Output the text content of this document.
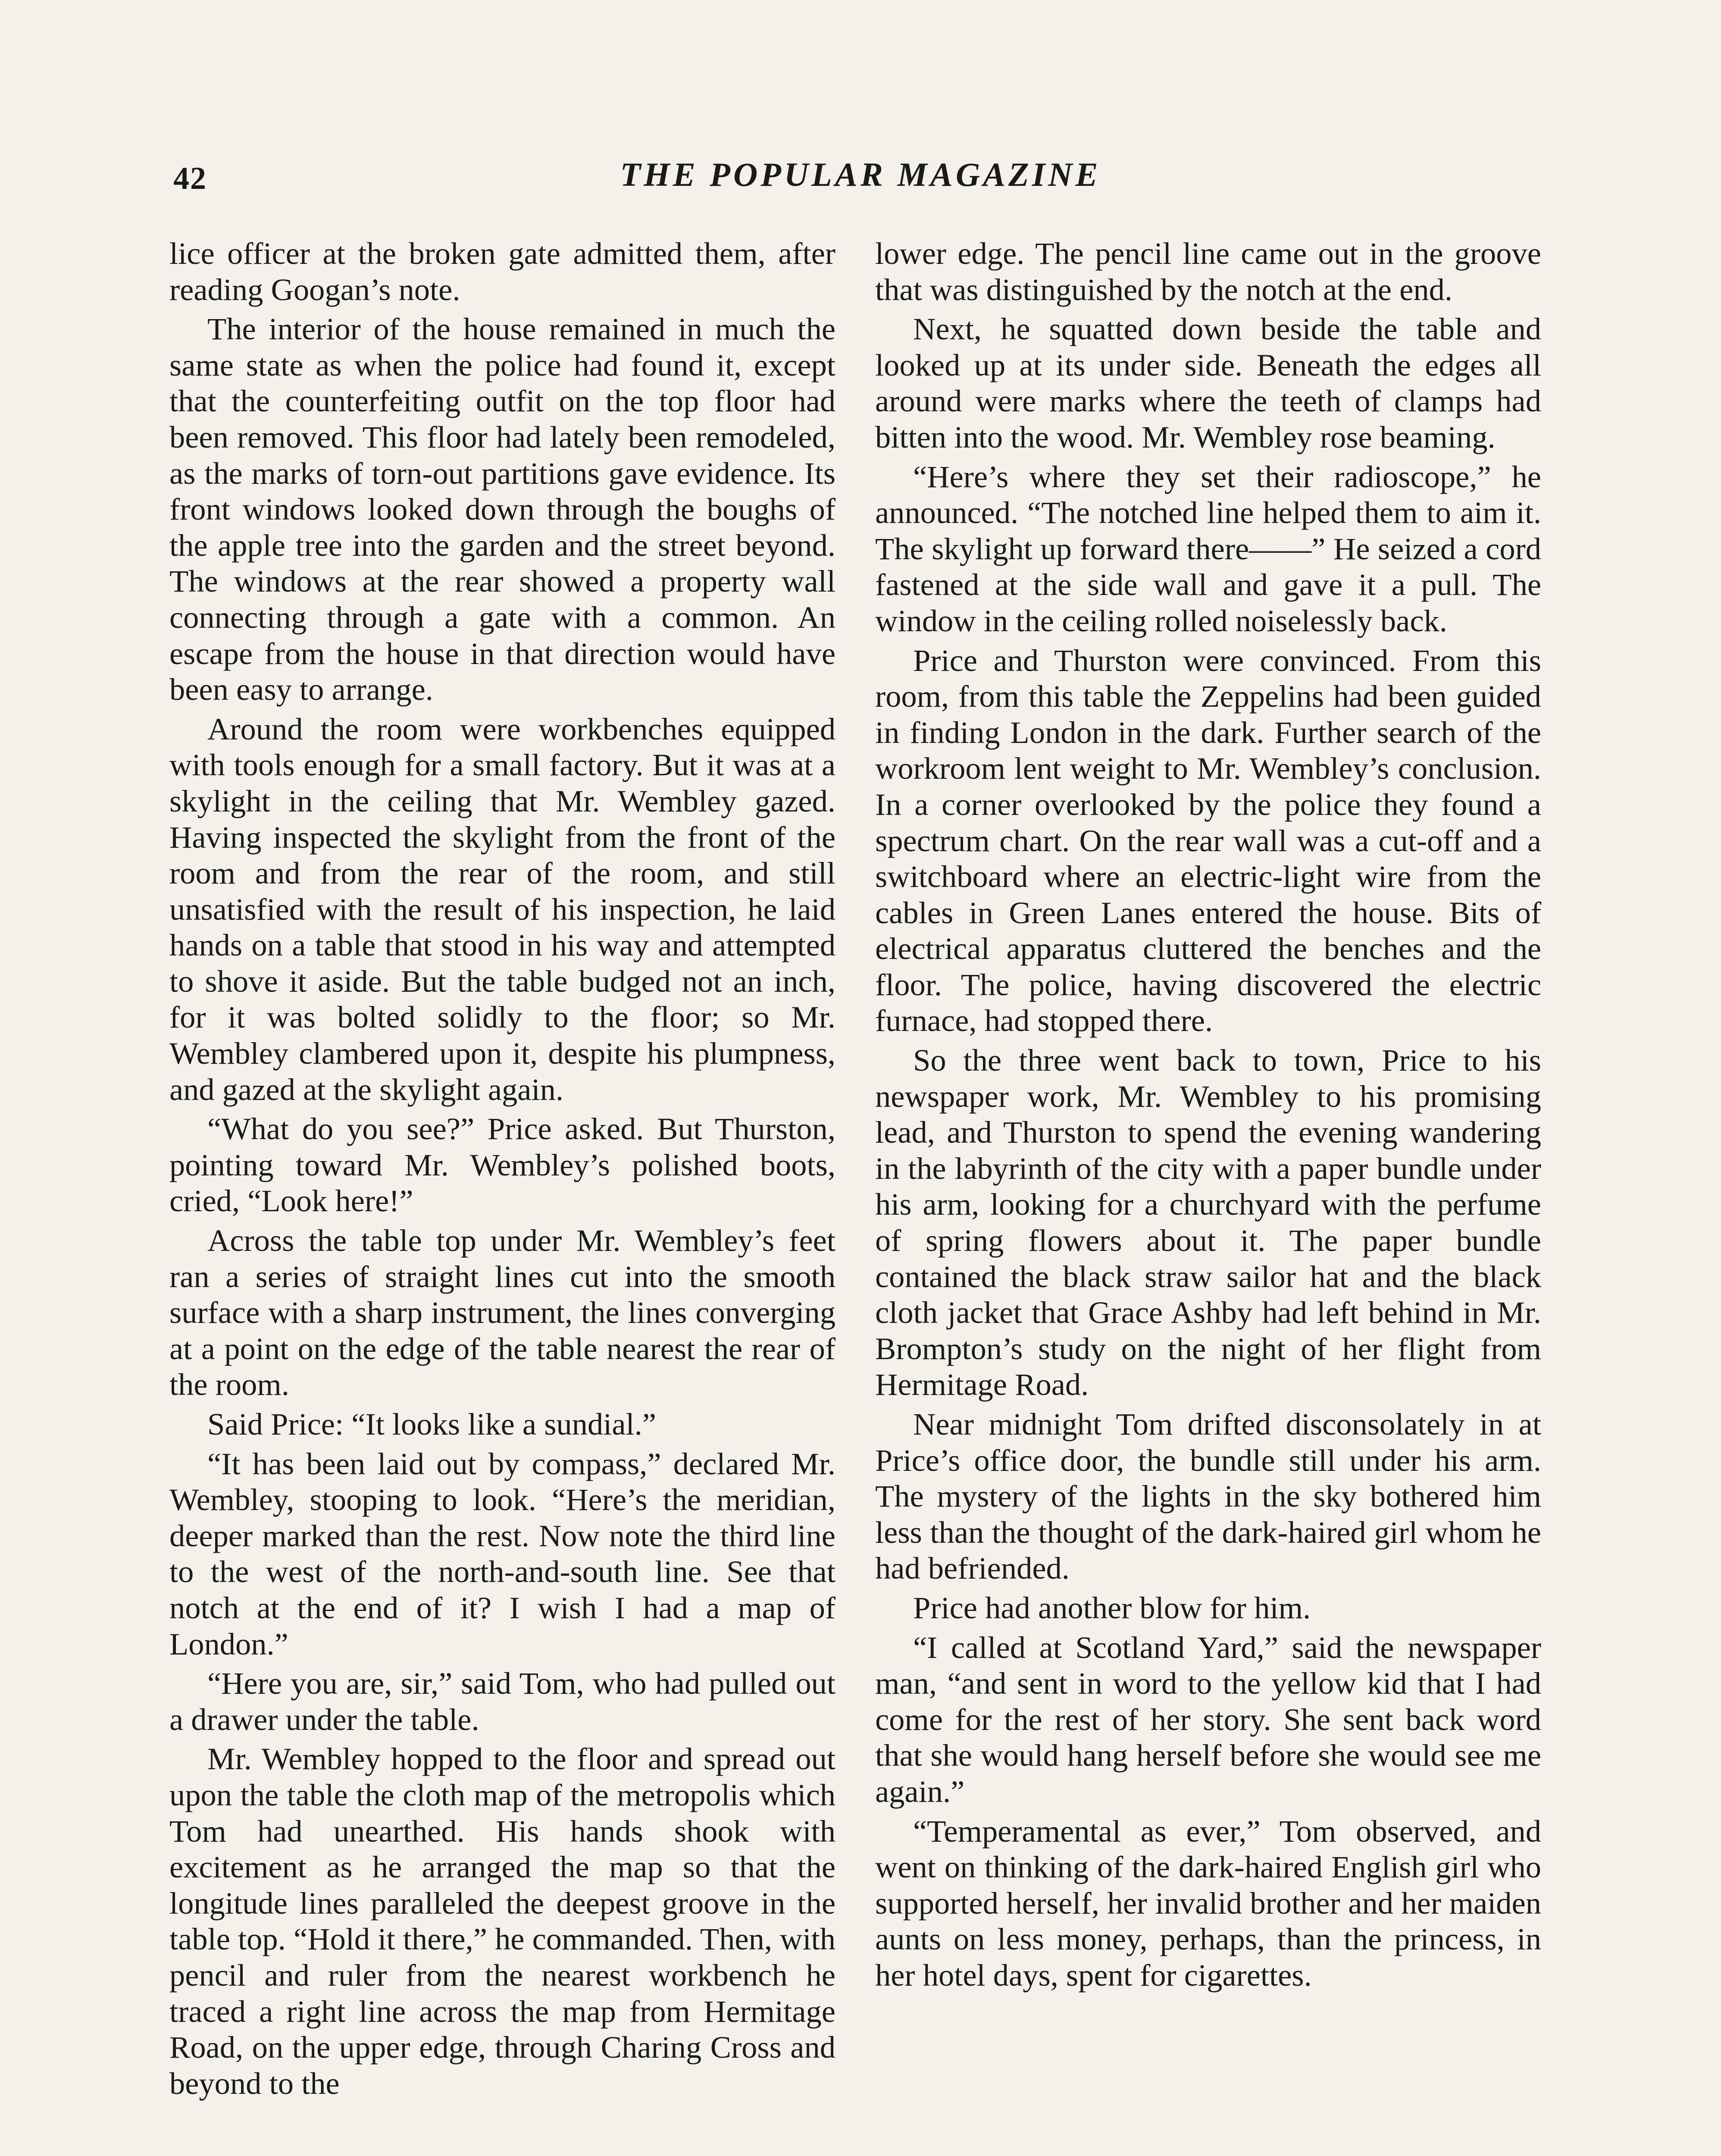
42	THE POPULAR MAGAZINE

lice officer at the broken gate admitted them, after reading Googan’s note.

The interior of the house remained in much the same state as when the police had found it, except that the counterfeiting outfit on the top floor had been removed. This floor had lately been remodeled, as the marks of torn-out partitions gave evidence. Its front windows looked down through the boughs of the apple tree into the garden and the street beyond. The windows at the rear showed a property wall connecting through a gate with a common. An escape from the house in that direction would have been easy to arrange.

Around the room were workbenches equipped with tools enough for a small factory. But it was at a skylight in the ceiling that Mr. Wembley gazed. Having inspected the skylight from the front of the room and from the rear of the room, and still unsatisfied with the result of his inspection, he laid hands on a table that stood in his way and attempted to shove it aside. But the table budged not an inch, for it was bolted solidly to the floor; so Mr. Wembley clambered upon it, despite his plumpness, and gazed at the skylight again.

“What do you see?” Price asked. But Thurston, pointing toward Mr. Wembley’s polished boots, cried, “Look here!”

Across the table top under Mr. Wembley’s feet ran a series of straight lines cut into the smooth surface with a sharp instrument, the lines converging at a point on the edge of the table nearest the rear of the room.

Said Price: “It looks like a sundial.”

“It has been laid out by compass,” declared Mr. Wembley, stooping to look. “Here’s the meridian, deeper marked than the rest. Now note the third line to the west of the north-and-south line. See that notch at the end of it? I wish I had a map of London.”

“Here you are, sir,” said Tom, who had pulled out a drawer under the table.

Mr. Wembley hopped to the floor and spread out upon the table the cloth map of the metropolis which Tom had unearthed. His hands shook with excitement as he arranged the map so that the longitude lines paralleled the deepest groove in the table top. “Hold it there,” he commanded. Then, with pencil and ruler from the nearest workbench he traced a right line across the map from Hermitage Road, on the upper edge, through Charing Cross and beyond to the

lower edge. The pencil line came out in the groove that was distinguished by the notch at the end.

Next, he squatted down beside the table and looked up at its under side. Beneath the edges all around were marks where the teeth of clamps had bitten into the wood. Mr. Wembley rose beaming.

“Here’s where they set their radioscope,” he announced. “The notched line helped them to aim it. The skylight up forward there——” He seized a cord fastened at the side wall and gave it a pull. The window in the ceiling rolled noiselessly back.

Price and Thurston were convinced. From this room, from this table the Zeppelins had been guided in finding London in the dark. Further search of the workroom lent weight to Mr. Wembley’s conclusion. In a corner overlooked by the police they found a spectrum chart. On the rear wall was a cut-off and a switchboard where an electric-light wire from the cables in Green Lanes entered the house. Bits of electrical apparatus cluttered the benches and the floor. The police, having discovered the electric furnace, had stopped there.

So the three went back to town, Price to his newspaper work, Mr. Wembley to his promising lead, and Thurston to spend the evening wandering in the labyrinth of the city with a paper bundle under his arm, looking for a churchyard with the perfume of spring flowers about it. The paper bundle contained the black straw sailor hat and the black cloth jacket that Grace Ashby had left behind in Mr. Brompton’s study on the night of her flight from Hermitage Road.

Near midnight Tom drifted disconsolately in at Price’s office door, the bundle still under his arm. The mystery of the lights in the sky bothered him less than the thought of the dark-haired girl whom he had befriended.

Price had another blow for him.

“I called at Scotland Yard,” said the newspaper man, “and sent in word to the yellow kid that I had come for the rest of her story. She sent back word that she would hang herself before she would see me again.”

“Temperamental as ever,” Tom observed, and went on thinking of the dark-haired English girl who supported herself, her invalid brother and her maiden aunts on less money, perhaps, than the princess, in her hotel days, spent for cigarettes.
